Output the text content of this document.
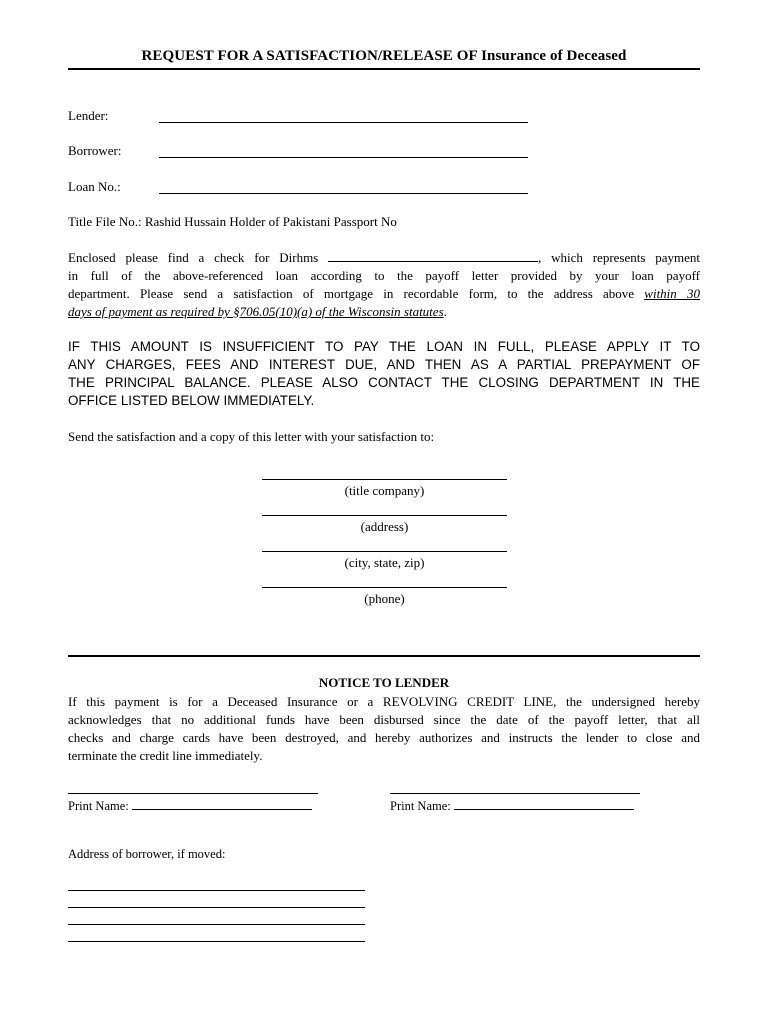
REQUEST FOR A SATISFACTION/RELEASE OF Insurance of Deceased
Lender:
Borrower:
Loan No.:
Title File No.: Rashid Hussain Holder of Pakistani Passport No
Enclosed please find a check for Dirhms	, which represents payment
in full of the above-referenced loan according to the payoff letter provided by your loan payoff
department. Please send a satisfaction of mortgage in recordable form, to the address above within 30
days of payment as required by §706.05(10)(a) of the Wisconsin statutes.
IF THIS AMOUNT IS INSUFFICIENT TO PAY THE LOAN IN FULL, PLEASE APPLY IT TO
ANY CHARGES, FEES AND INTEREST DUE, AND THEN AS A PARTIAL PREPAYMENT OF
THE PRINCIPAL BALANCE. PLEASE ALSO CONTACT THE CLOSING DEPARTMENT IN THE
OFFICE LISTED BELOW IMMEDIATELY.
Send the satisfaction and a copy of this letter with your satisfaction to:
(title company)
(address)
(city, state, zip)
(phone)
NOTICE TO LENDER
If this payment is for a Deceased Insurance or a REVOLVING CREDIT LINE, the undersigned hereby
acknowledges that no additional funds have been disbursed since the date of the payoff letter, that all
checks and charge cards have been destroyed, and hereby authorizes and instructs the lender to close and
terminate the credit line immediately.
Print Name:	Print Name:
Address of borrower, if moved:
